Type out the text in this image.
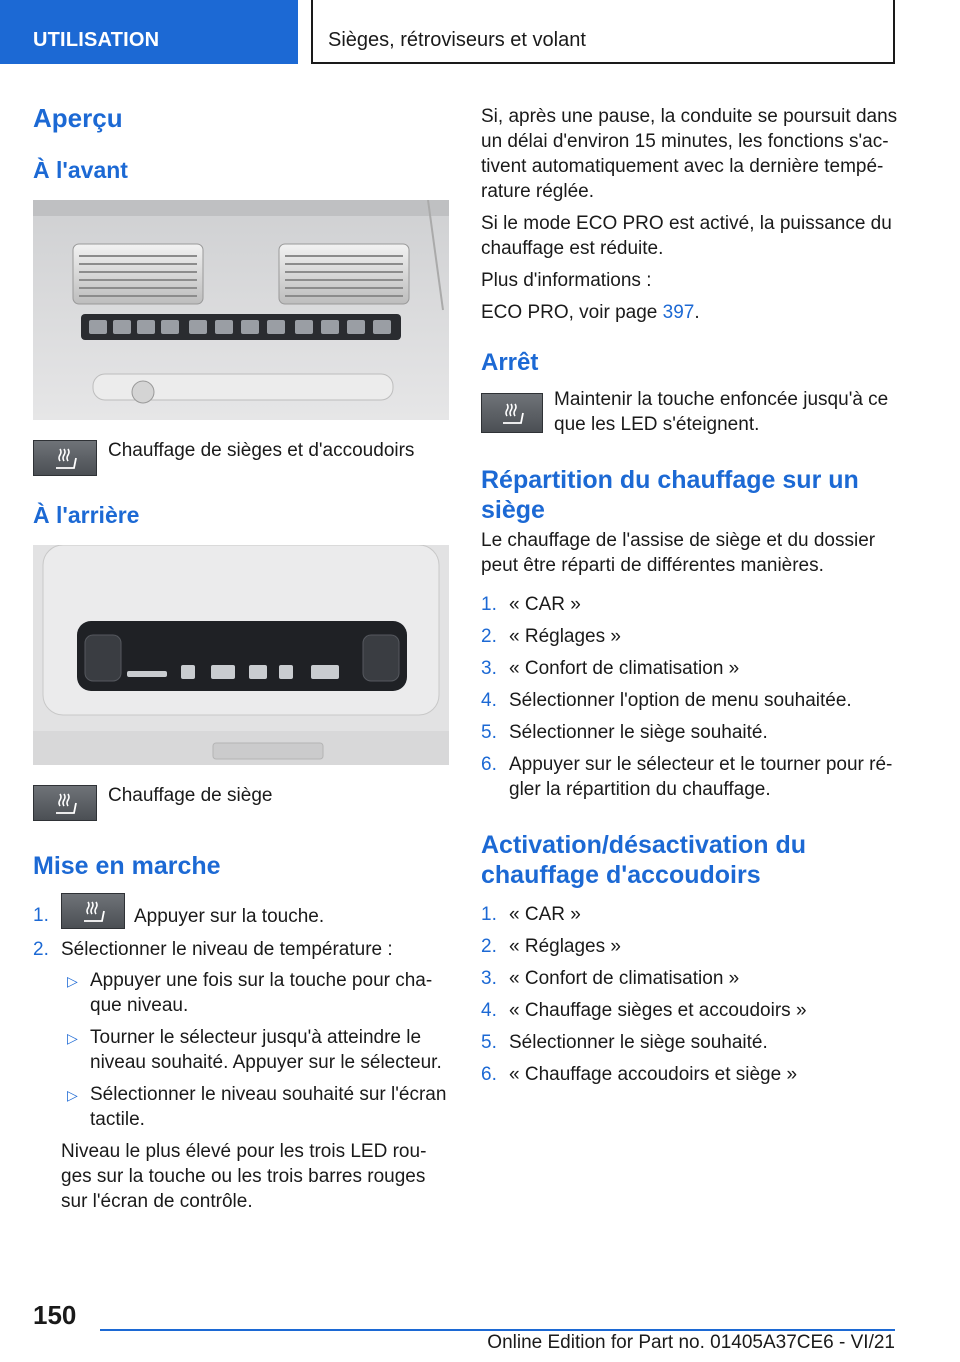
UTILISATION	Sièges, rétroviseurs et volant
Aperçu
À l'avant
Chauffage de sièges et d'accoudoirs
À l'arrière
Chauffage de siège
Mise en marche
1.	Appuyer sur la touche.
2. Sélectionner le niveau de température :
▷ Appuyer une fois sur la touche pour cha-que niveau.
▷ Tourner le sélecteur jusqu'à atteindre le niveau souhaité. Appuyer sur le sélecteur.
▷ Sélectionner le niveau souhaité sur l'écran tactile.

Niveau le plus élevé pour les trois LED rou-ges sur la touche ou les trois barres rouges sur l'écran de contrôle.

Si, après une pause, la conduite se poursuit dans un délai d'environ 15 minutes, les fonctions s'ac-tivent automatiquement avec la dernière tempé-rature réglée.

Si le mode ECO PRO est activé, la puissance du chauffage est réduite.

Plus d'informations :

ECO PRO, voir page 397.

Arrêt
Maintenir la touche enfoncée jusqu'à ce que les LED s'éteignent.
Répartition du chauffage sur un siège

Le chauffage de l'assise de siège et du dossier peut être réparti de différentes manières.

1. « CAR »
2. « Réglages »
3. « Confort de climatisation »
4. Sélectionner l'option de menu souhaitée.
5. Sélectionner le siège souhaité.
6. Appuyer sur le sélecteur et le tourner pour ré-gler la répartition du chauffage.
Activation/désactivation du chauffage d'accoudoirs
1. « CAR »
2. « Réglages »
3. « Confort de climatisation »
4. « Chauffage sièges et accoudoirs »
5. Sélectionner le siège souhaité.
6. « Chauffage accoudoirs et siège »
150
Online Edition for Part no. 01405A37CE6 - VI/21
